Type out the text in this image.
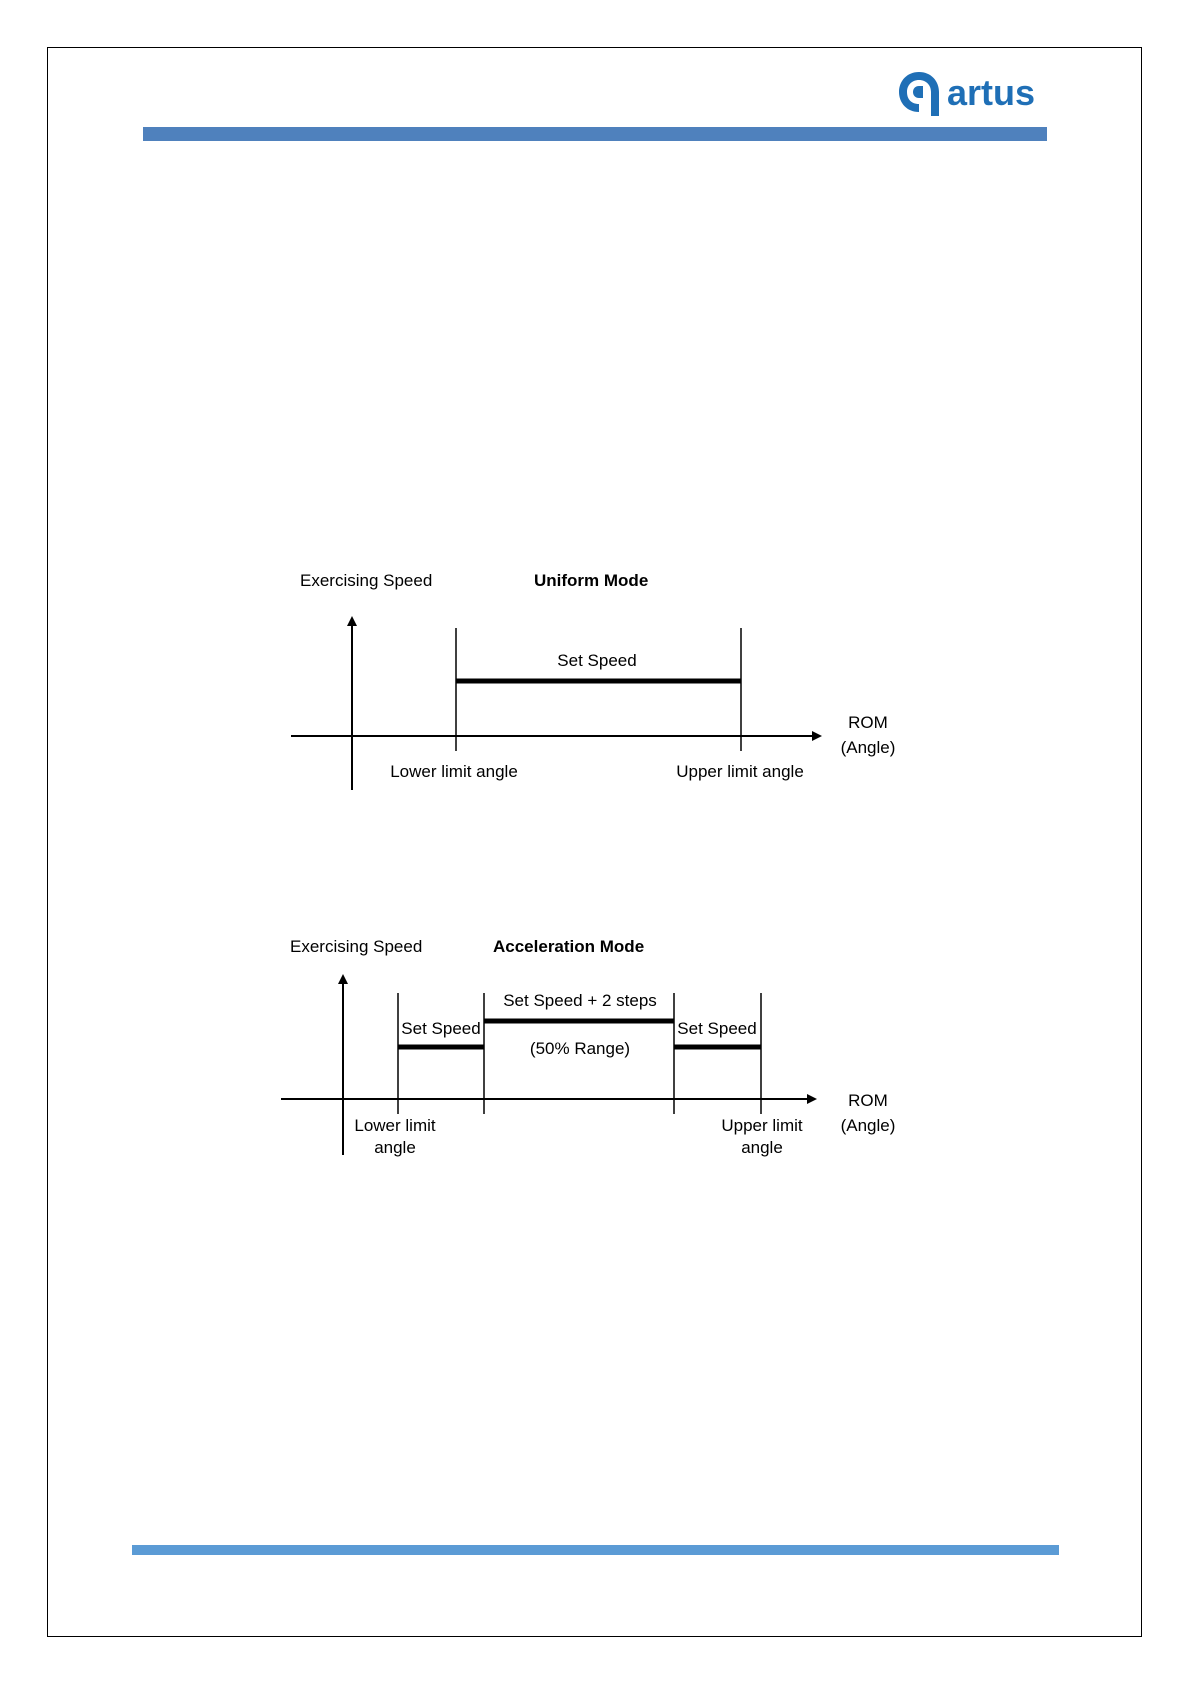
artus
Exercising Speed	Uniform Mode
Set Speed
ROM
(Angle)
Lower limit angle	Upper limit angle
Exercising Speed	Acceleration Mode
Set Speed
Set Speed + 2 steps
(50% Range)
Set Speed
ROM
(Angle)
Lower limit
angle
Upper limit
angle
